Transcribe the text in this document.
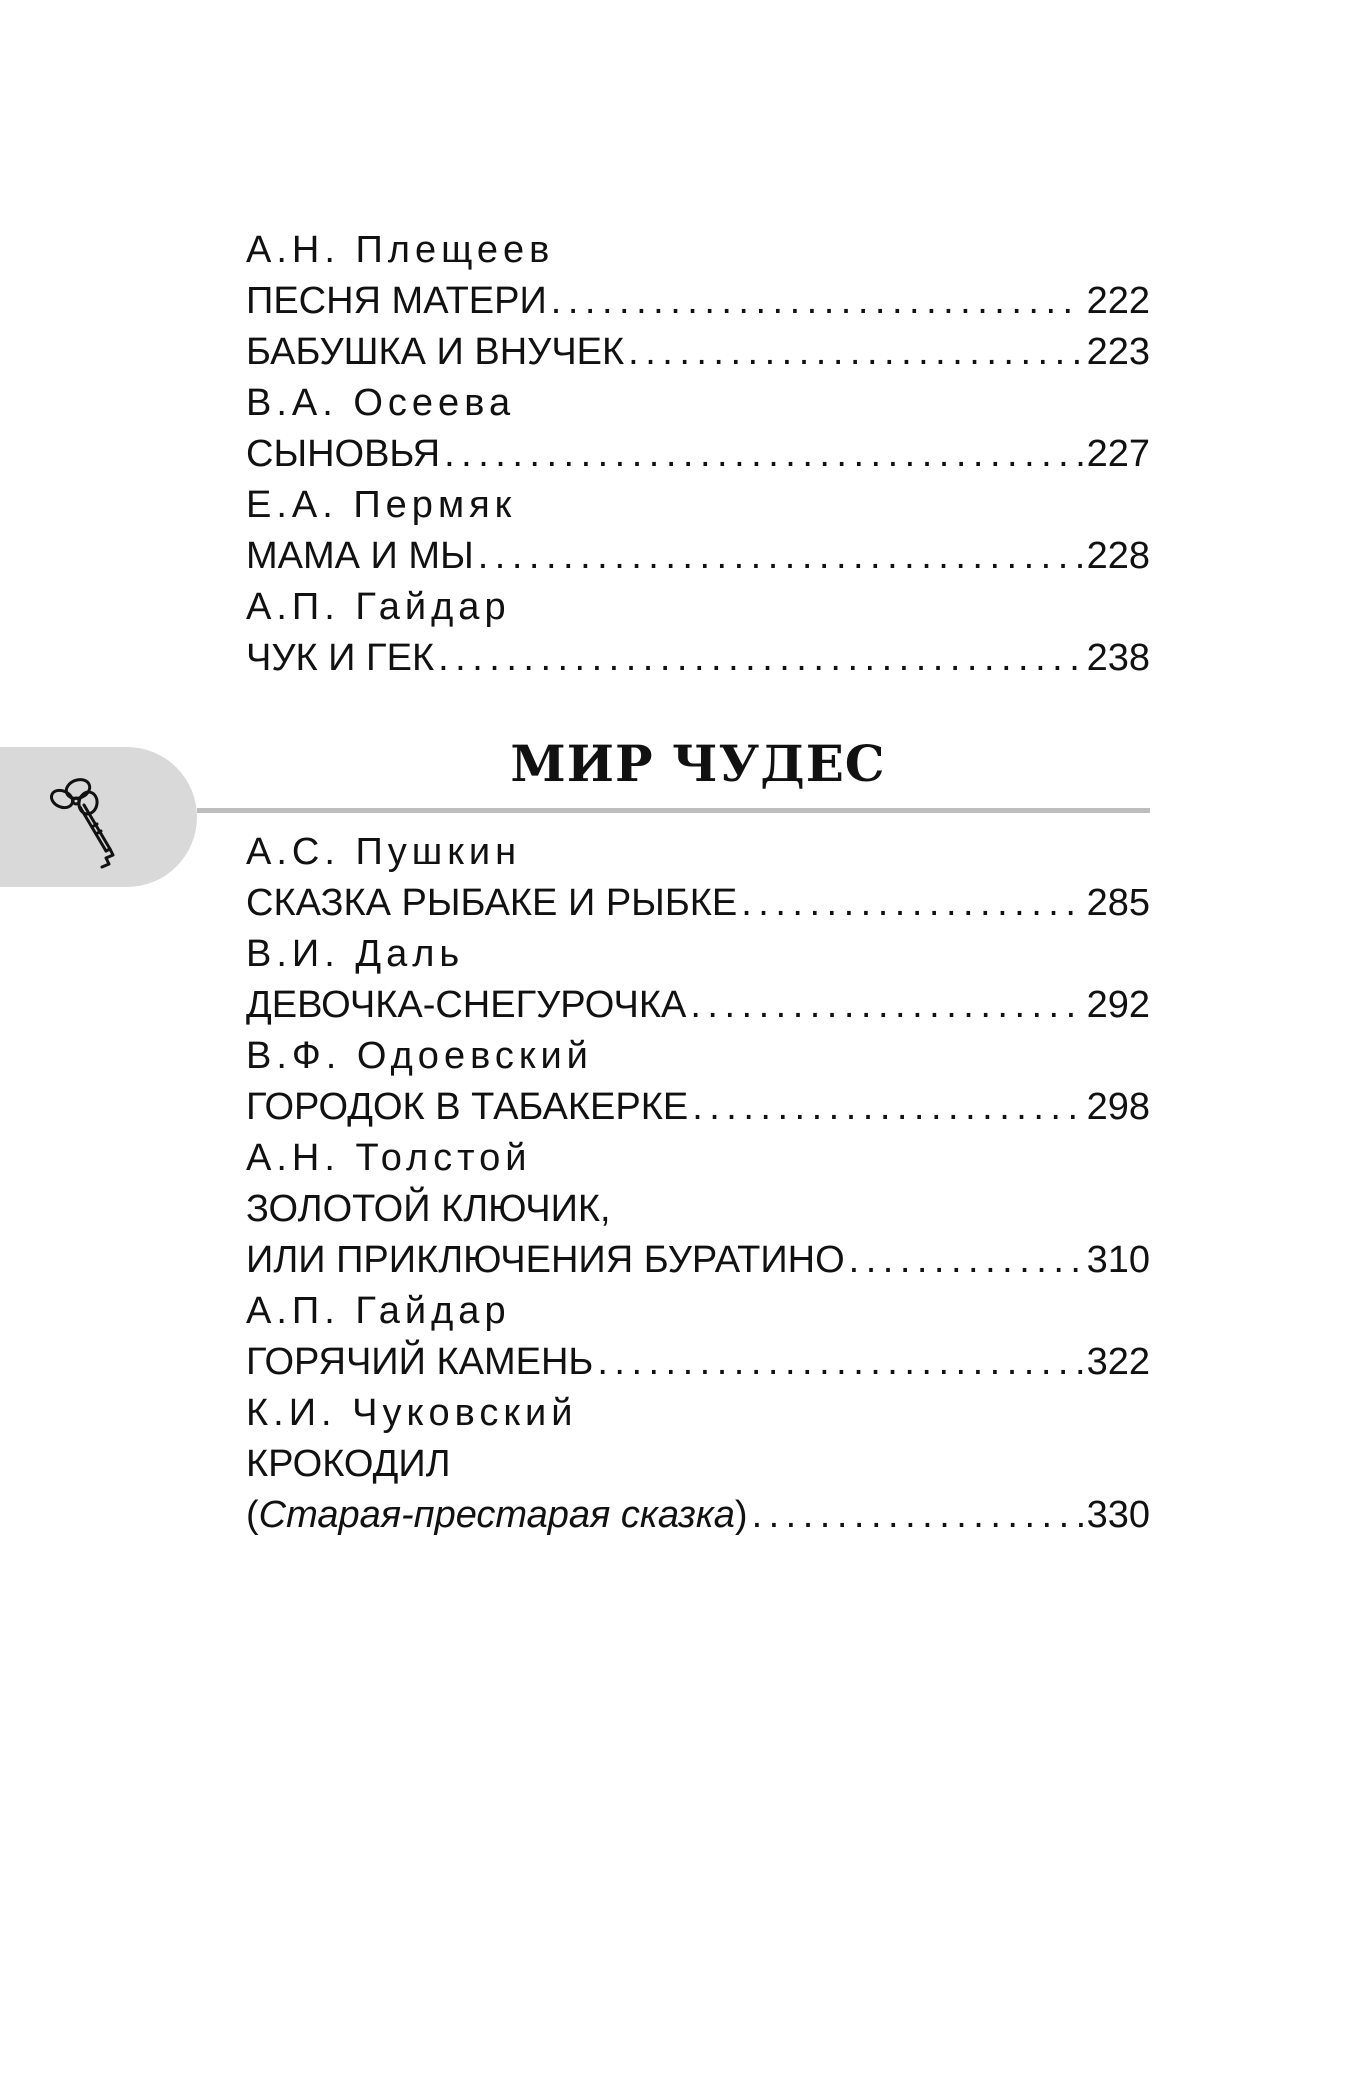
А.Н. Плещеев
ПЕСНЯ МАТЕРИ .....	222
БАБУШКА И ВНУЧЕК .....	223
В.А. Осеева
СЫНОВЬЯ .....	227
Е.А. Пермяк
МАМА И МЫ .....	228
А.П. Гайдар
ЧУК И ГЕК .....	238
МИР ЧУДЕС
А.С. Пушкин
СКАЗКА РЫБАКЕ И РЫБКЕ .....	285
В.И. Даль
ДЕВОЧКА-СНЕГУРОЧКА .....	292
В.Ф. Одоевский
ГОРОДОК В ТАБАКЕРКЕ .....	298
А.Н. Толстой
ЗОЛОТОЙ КЛЮЧИК,
ИЛИ ПРИКЛЮЧЕНИЯ БУРАТИНО .....	310
А.П. Гайдар
ГОРЯЧИЙ КАМЕНЬ .....	322
К.И. Чуковский
КРОКОДИЛ
(Старая-престарая сказка) .....	330
